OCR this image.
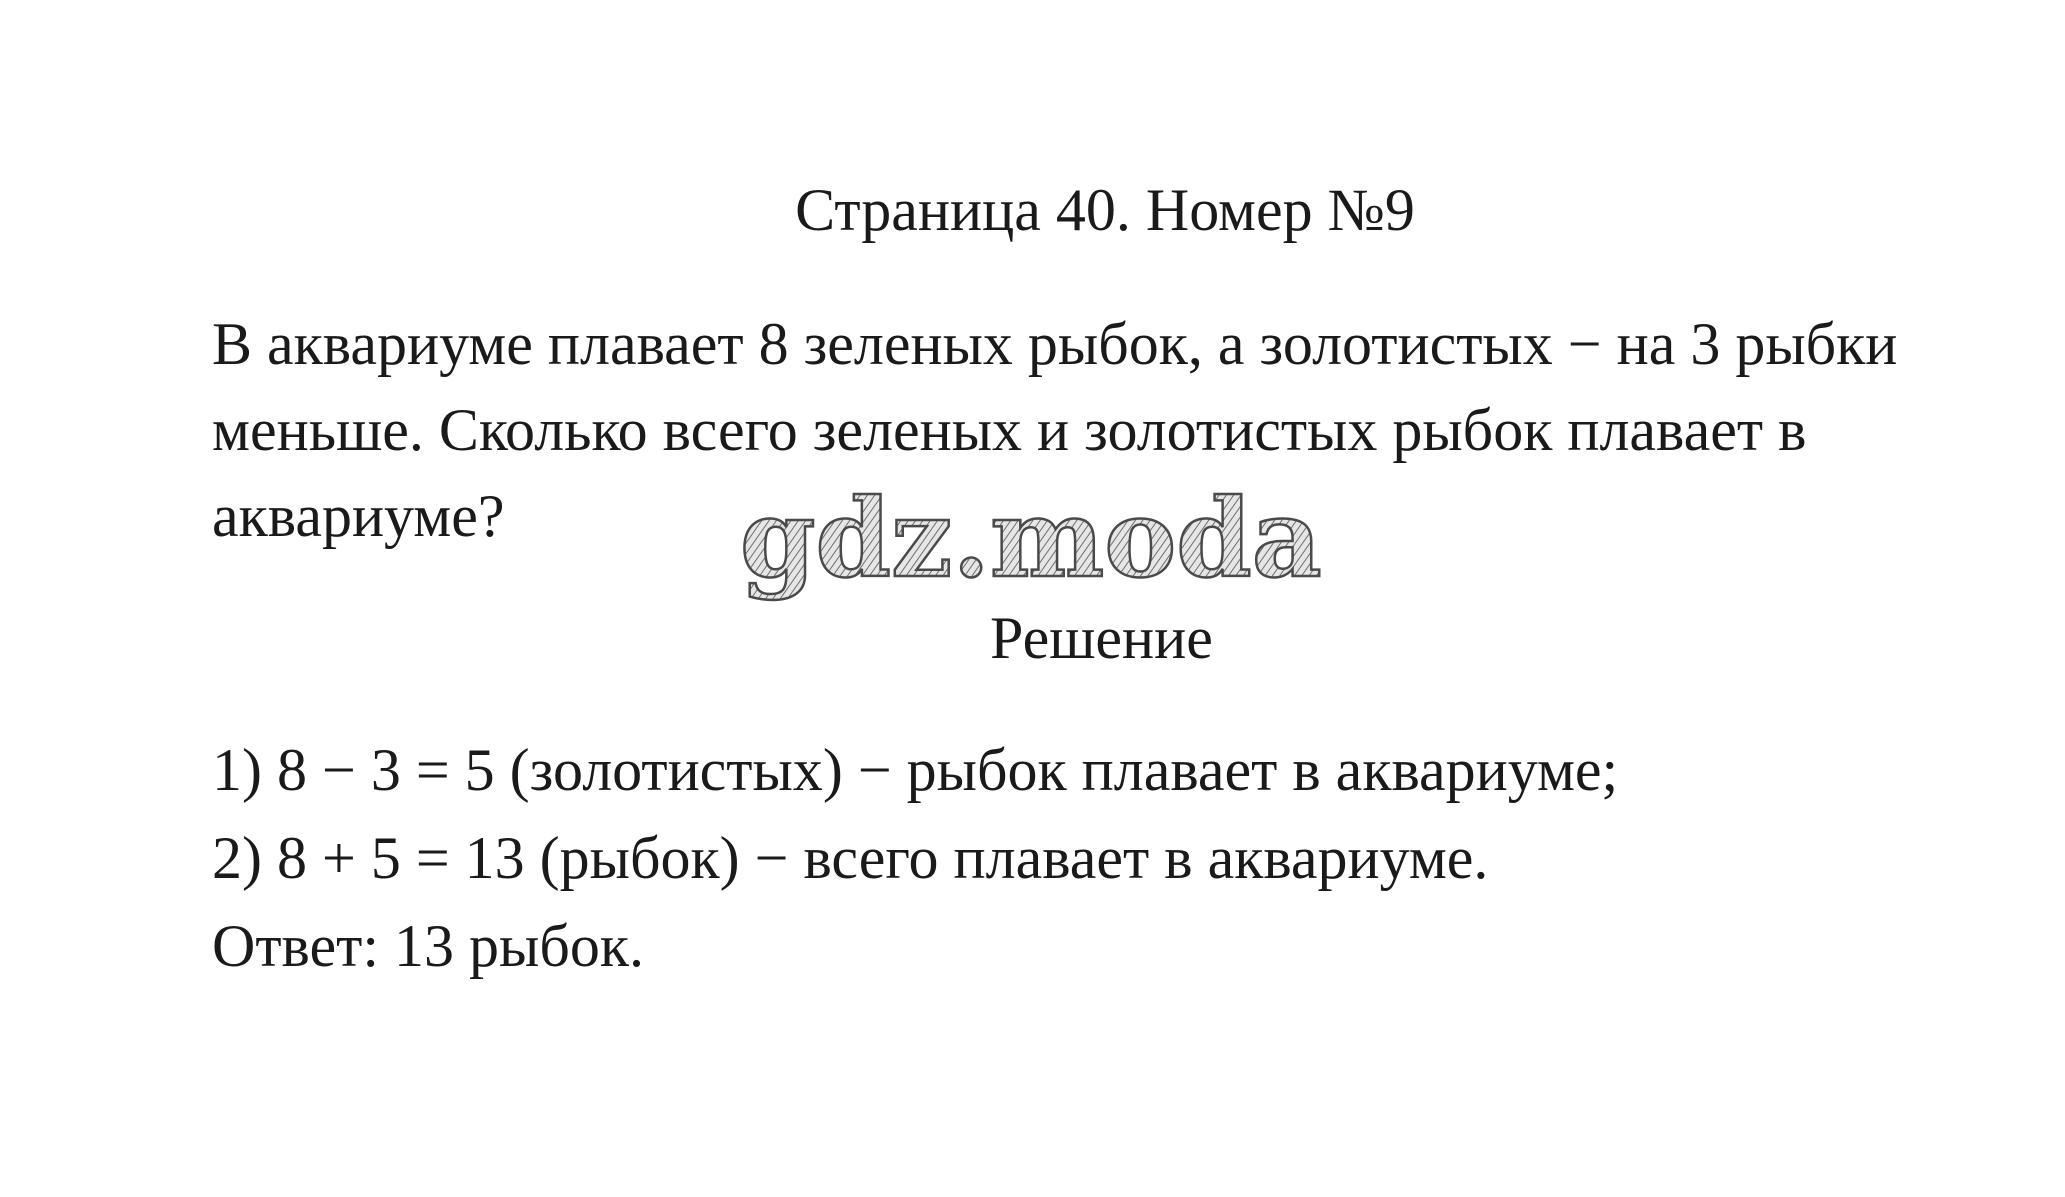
Страница 40. Номер №9
В аквариуме плавает 8 зеленых рыбок, а золотистых − на 3 рыбки
меньше. Сколько всего зеленых и золотистых рыбок плавает в
аквариуме?	gdz.moda
Решение
1) 8 − 3 = 5 (золотистых) − рыбок плавает в аквариуме;
2) 8 + 5 = 13 (рыбок) − всего плавает в аквариуме.
Ответ: 13 рыбок.
